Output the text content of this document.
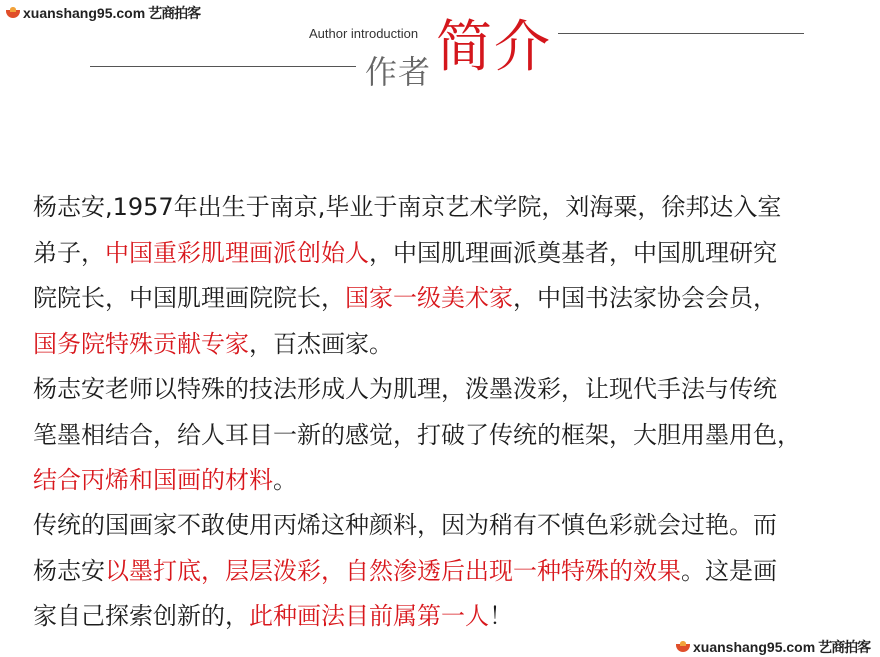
xuanshang95.com 艺商拍客
Author introduction
作者 简介
杨志安,1957年出生于南京,毕业于南京艺术学院，刘海粟，徐邦达入室
弟子，中国重彩肌理画派创始人，中国肌理画派奠基者，中国肌理研究
院院长，中国肌理画院院长，国家一级美术家，中国书法家协会会员，
国务院特殊贡献专家，百杰画家。
杨志安老师以特殊的技法形成人为肌理，泼墨泼彩，让现代手法与传统
笔墨相结合，给人耳目一新的感觉，打破了传统的框架，大胆用墨用色，
结合丙烯和国画的材料。
传统的国画家不敢使用丙烯这种颜料，因为稍有不慎色彩就会过艳。而
杨志安以墨打底，层层泼彩，自然渗透后出现一种特殊的效果。这是画
家自己探索创新的，此种画法目前属第一人！
xuanshang95.com 艺商拍客
